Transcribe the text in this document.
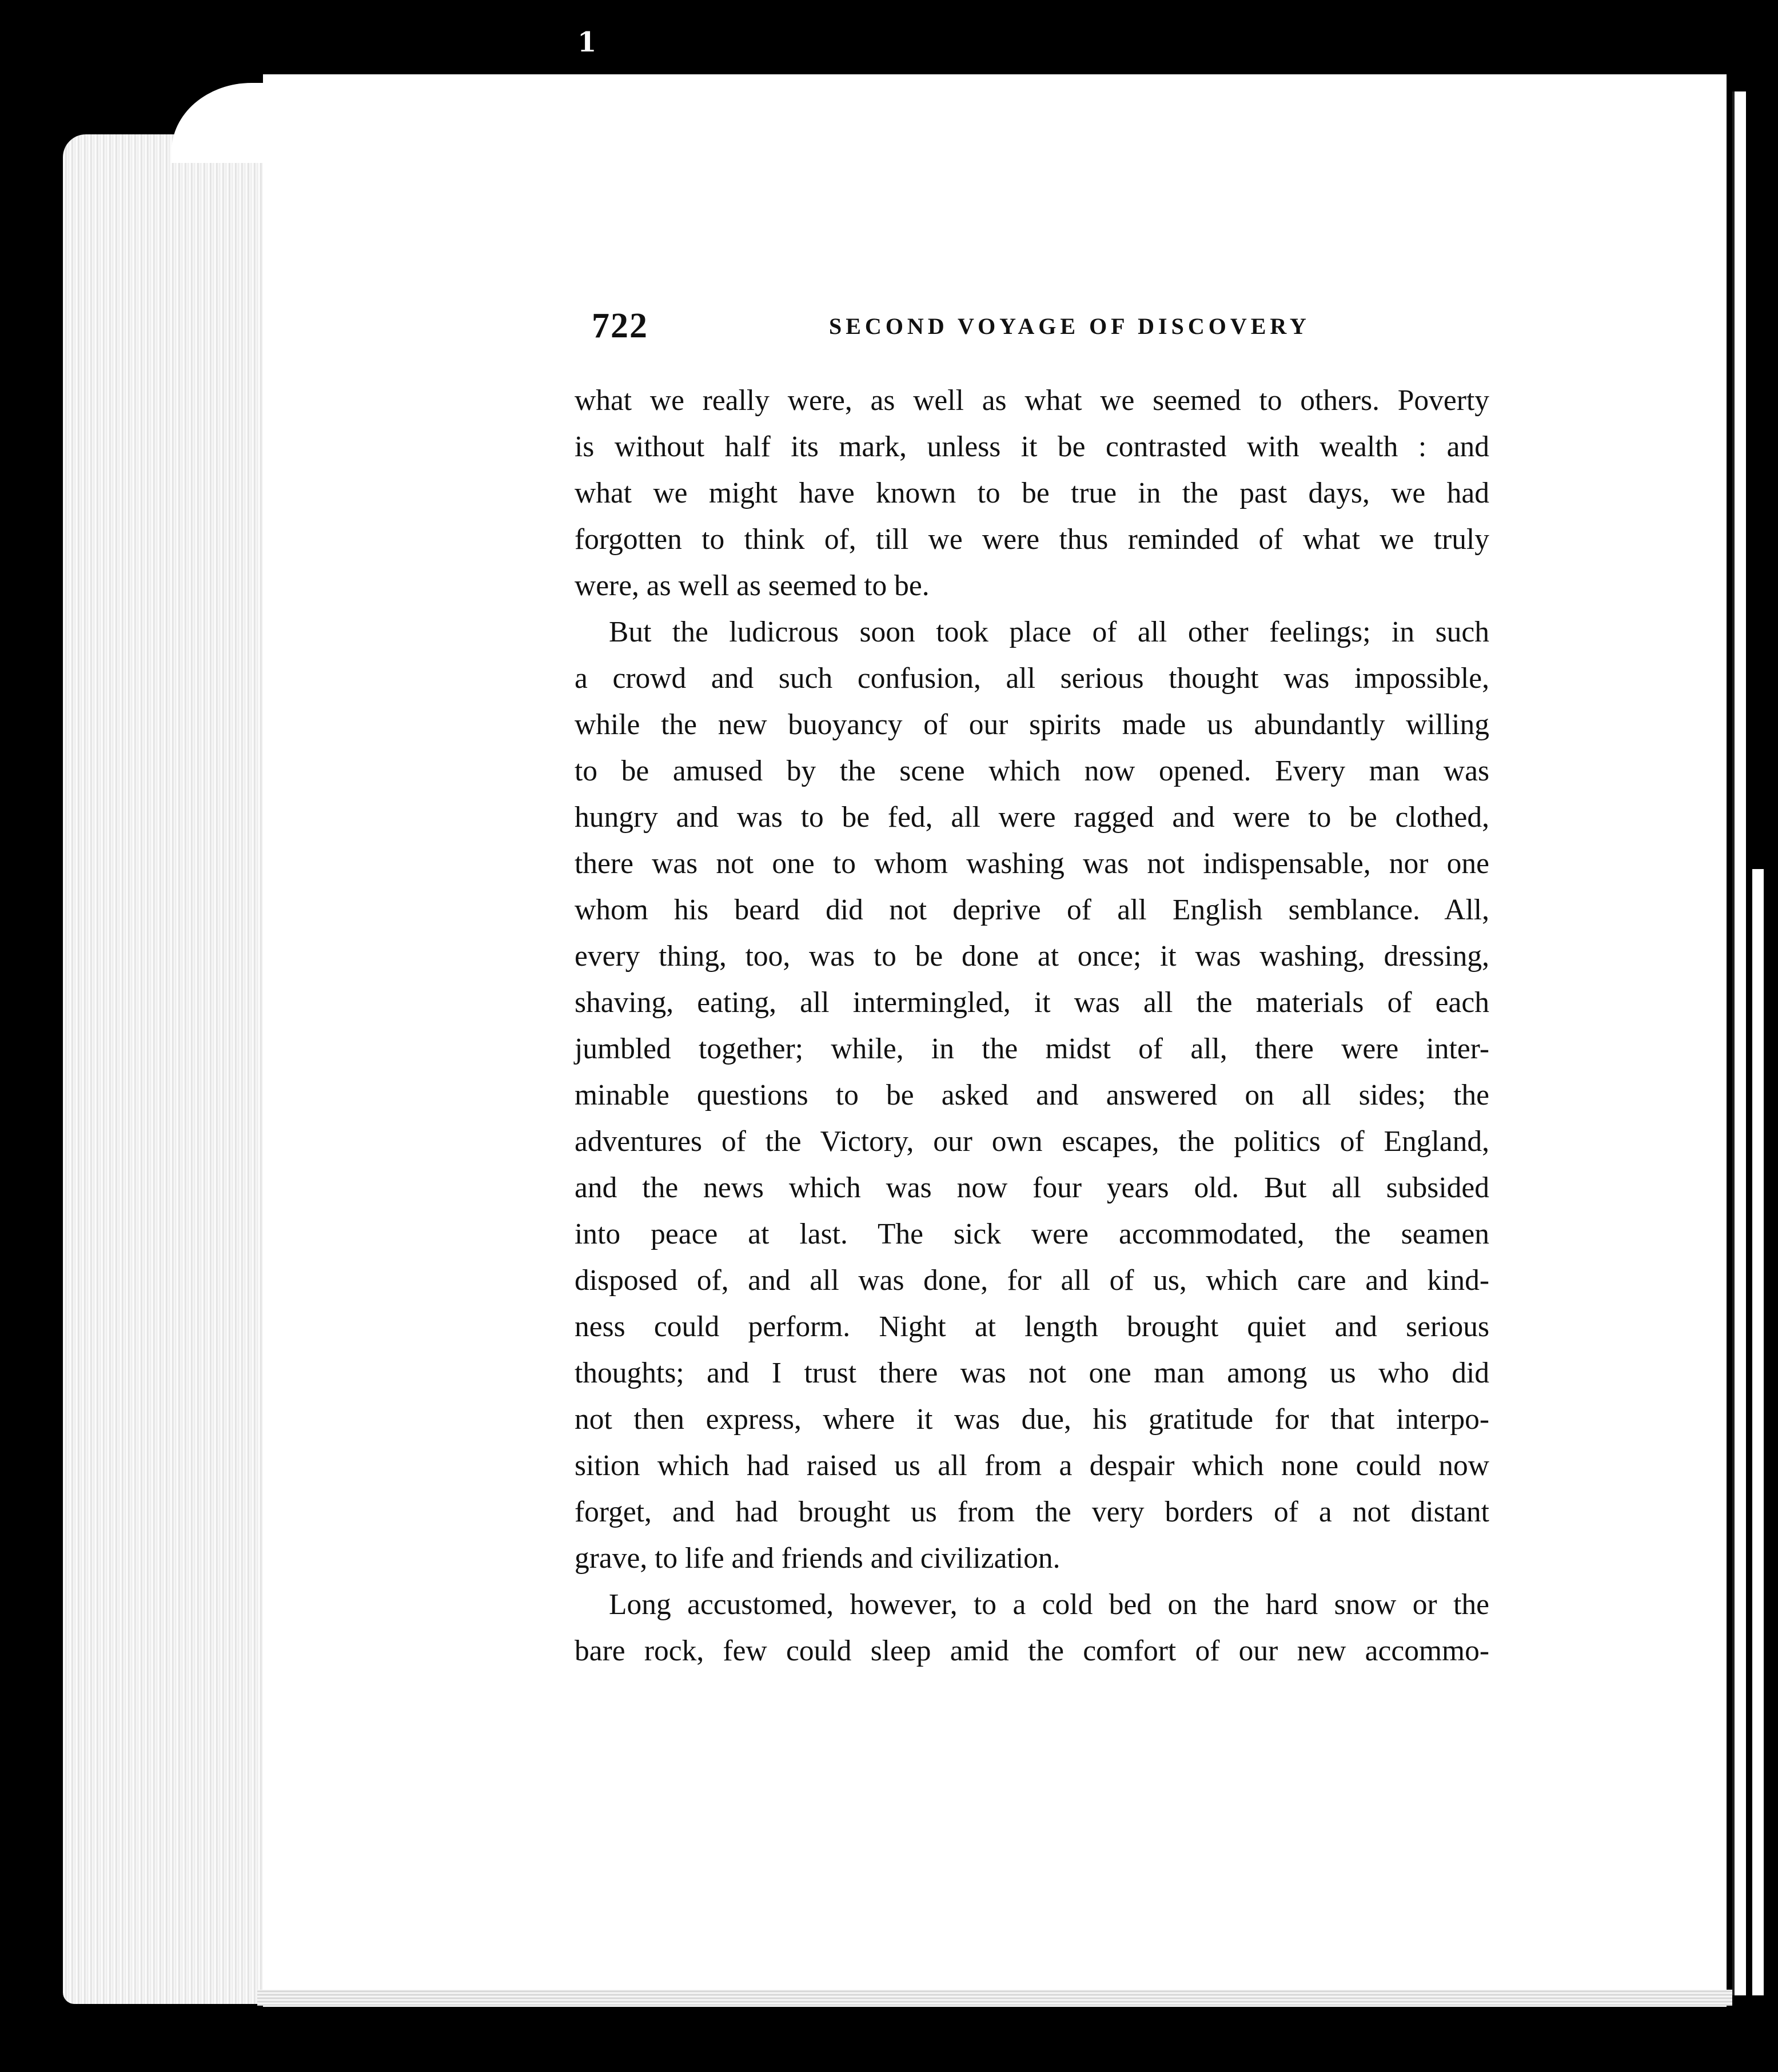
1
722	SECOND VOYAGE OF DISCOVERY

what we really were, as well as what we seemed to others. Poverty
is without half its mark, unless it be contrasted with wealth : and
what we might have known to be true in the past days, we had
forgotten to think of, till we were thus reminded of what we truly
were, as well as seemed to be.

But the ludicrous soon took place of all other feelings; in such
a crowd and such confusion, all serious thought was impossible,
while the new buoyancy of our spirits made us abundantly willing
to be amused by the scene which now opened. Every man was
hungry and was to be fed, all were ragged and were to be clothed,
there was not one to whom washing was not indispensable, nor one
whom his beard did not deprive of all English semblance. All,
every thing, too, was to be done at once; it was washing, dressing,
shaving, eating, all intermingled, it was all the materials of each
jumbled together; while, in the midst of all, there were inter-
minable questions to be asked and answered on all sides; the
adventures of the Victory, our own escapes, the politics of England,
and the news which was now four years old. But all subsided
into peace at last. The sick were accommodated, the seamen
disposed of, and all was done, for all of us, which care and kind-
ness could perform. Night at length brought quiet and serious
thoughts; and I trust there was not one man among us who did
not then express, where it was due, his gratitude for that interpo-
sition which had raised us all from a despair which none could now
forget, and had brought us from the very borders of a not distant
grave, to life and friends and civilization.

Long accustomed, however, to a cold bed on the hard snow or the
bare rock, few could sleep amid the comfort of our new accommo-
